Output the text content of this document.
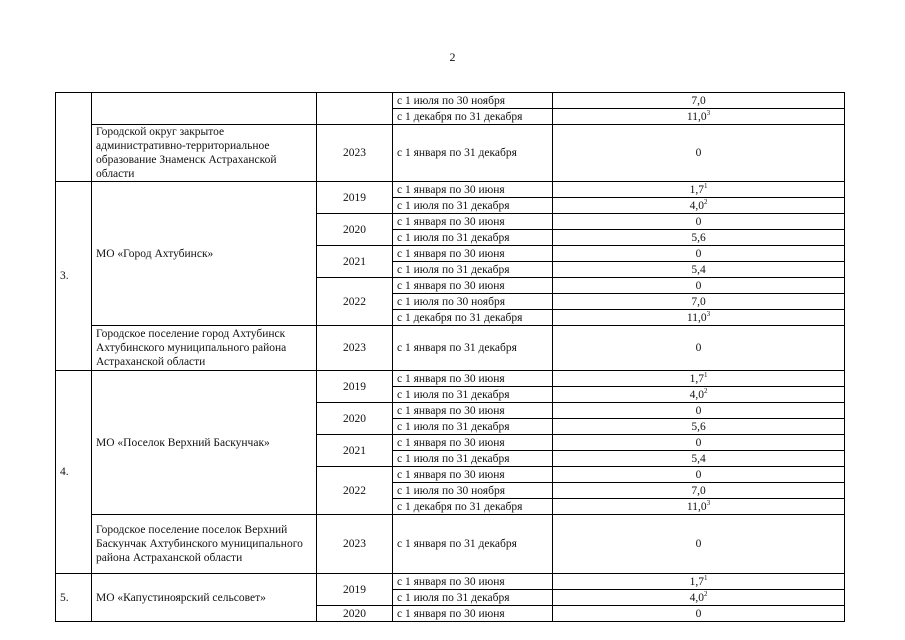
2
			с 1 июля по 30 ноября	7,0
			с 1 декабря по 31 декабря	11,0$^3$
	Городской округ закрытое административно-территориальное образование Знаменск Астраханской области	2023	с 1 января по 31 декабря	0
3.	МО «Город Ахтубинск»	2019	с 1 января по 30 июня	$1,7^1$
			с 1 июля по 31 декабря	$4,0^2$
		2020	с 1 января по 30 июня	0
			с 1 июля по 31 декабря	5,6
		2021	с 1 января по 30 июня	0
			с 1 июля по 31 декабря	5,4
		2022	с 1 января по 30 июня	0
			с 1 июля по 30 ноября	7,0
			с 1 декабря по 31 декабря	11,0$^3$
	Городское поселение город Ахтубинск Ахтубинского муниципального района Астраханской области	2023	с 1 января по 31 декабря	0
4.	МО «Поселок Верхний Баскунчак»	2019	с 1 января по 30 июня	$1,7^1$
			с 1 июля по 31 декабря	$4,0^2$
		2020	с 1 января по 30 июня	0
			с 1 июля по 31 декабря	5,6
		2021	с 1 января по 30 июня	0
			с 1 июля по 31 декабря	5,4
		2022	с 1 января по 30 июня	0
			с 1 июля по 30 ноября	7,0
			с 1 декабря по 31 декабря	11,0$^3$
	Городское поселение поселок Верхний Баскунчак Ахтубинского муниципального района Астраханской области	2023	с 1 января по 31 декабря	0
5.	МО «Капустиноярский сельсовет»	2019	с 1 января по 30 июня	$1,7^1$
			с 1 июля по 31 декабря	$4,0^2$
		2020	с 1 января по 30 июня	0
